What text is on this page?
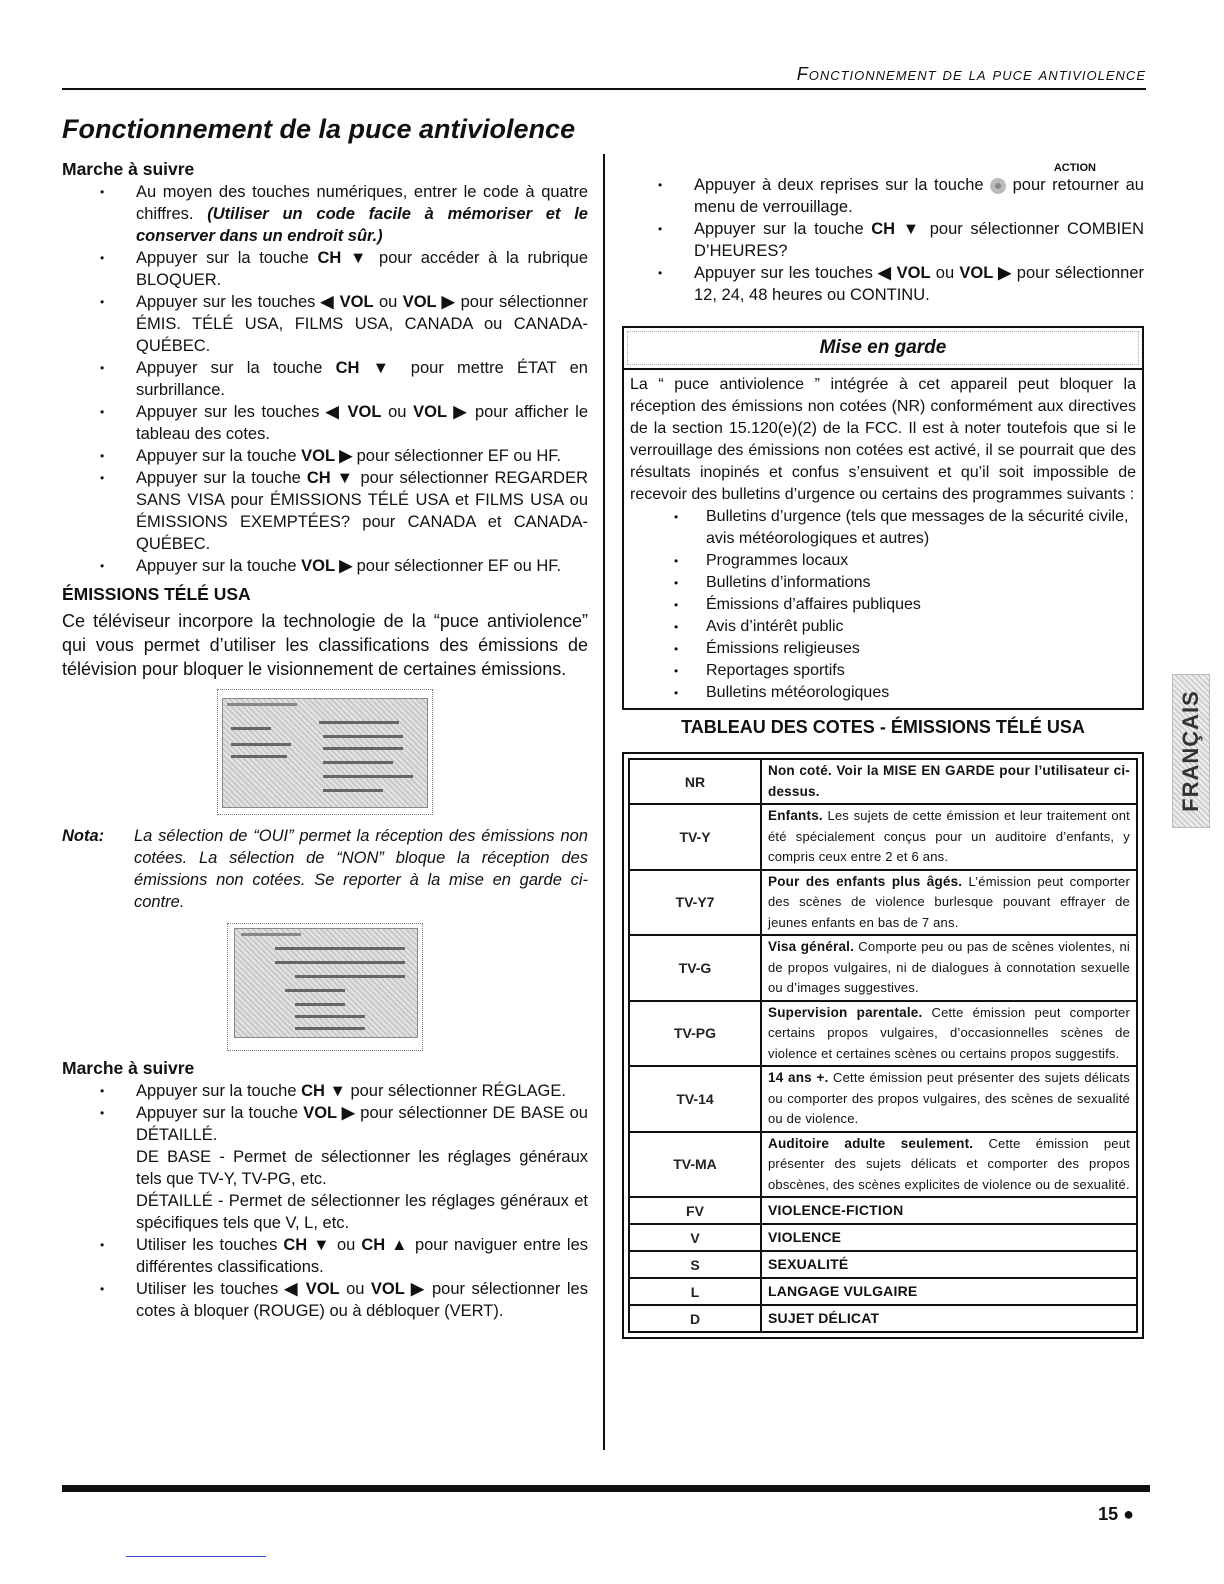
Fonctionnement de la puce antiviolence
Fonctionnement de la puce antiviolence
Marche à suivre
• Au moyen des touches numériques, entrer le code à quatre chiffres. (Utiliser un code facile à mémoriser et le conserver dans un endroit sûr.)
• Appuyer sur la touche CH ▼ pour accéder à la rubrique BLOQUER.
• Appuyer sur les touches ◀ VOL ou VOL ▶ pour sélectionner ÉMIS. TÉLÉ USA, FILMS USA, CANADA ou CANADA-QUÉBEC.
• Appuyer sur la touche CH ▼ pour mettre ÉTAT en surbrillance.
• Appuyer sur les touches ◀ VOL ou VOL ▶ pour afficher le tableau des cotes.
• Appuyer sur la touche VOL ▶ pour sélectionner EF ou HF.
• Appuyer sur la touche CH ▼ pour sélectionner REGARDER SANS VISA pour ÉMISSIONS TÉLÉ USA et FILMS USA ou ÉMISSIONS EXEMPTÉES? pour CANADA et CANADA-QUÉBEC.
• Appuyer sur la touche VOL ▶ pour sélectionner EF ou HF.
ÉMISSIONS TÉLÉ USA

Ce téléviseur incorpore la technologie de la “puce antiviolence” qui vous permet d’utiliser les classifications des émissions de télévision pour bloquer le visionnement de certaines émissions.

Nota:	La sélection de “OUI” permet la réception des émissions non cotées. La sélection de “NON” bloque la réception des émissions non cotées. Se reporter à la mise en garde ci-contre.
Marche à suivre
• Appuyer sur la touche CH ▼ pour sélectionner RÉGLAGE.
• Appuyer sur la touche VOL ▶ pour sélectionner DE BASE ou DÉTAILLÉ.
DE BASE - Permet de sélectionner les réglages généraux tels que TV-Y, TV-PG, etc.
DÉTAILLÉ - Permet de sélectionner les réglages généraux et spécifiques tels que V, L, etc.
• Utiliser les touches CH ▼ ou CH ▲ pour naviguer entre les différentes classifications.
• Utiliser les touches ◀ VOL ou VOL ▶ pour sélectionner les cotes à bloquer (ROUGE) ou à débloquer (VERT).
ACTION
• Appuyer à deux reprises sur la touche  pour retourner au menu de verrouillage.
• Appuyer sur la touche CH ▼ pour sélectionner COMBIEN D’HEURES?
• Appuyer sur les touches ◀ VOL ou VOL ▶ pour sélectionner 12, 24, 48 heures ou CONTINU.
Mise en garde

La “ puce antiviolence ” intégrée à cet appareil peut bloquer la réception des émissions non cotées (NR) conformément aux directives de la section 15.120(e)(2) de la FCC. Il est à noter toutefois que si le verrouillage des émissions non cotées est activé, il se pourrait que des résultats inopinés et confus s’ensuivent et qu’il soit impossible de recevoir des bulletins d’urgence ou certains des programmes suivants :

• Bulletins d’urgence (tels que messages de la sécurité civile, avis météorologiques et autres)
• Programmes locaux
• Bulletins d’informations
• Émissions d’affaires publiques
• Avis d’intérêt public
• Émissions religieuses
• Reportages sportifs
• Bulletins météorologiques
TABLEAU DES COTES - ÉMISSIONS TÉLÉ USA
NR	Non coté. Voir la MISE EN GARDE pour l’utilisateur ci-dessus.
TV-Y	Enfants. Les sujets de cette émission et leur traitement ont été spécialement conçus pour un auditoire d’enfants, y compris ceux entre 2 et 6 ans.
TV-Y7	Pour des enfants plus âgés. L’émission peut comporter des scènes de violence burlesque pouvant effrayer de jeunes enfants en bas de 7 ans.
TV-G	Visa général. Comporte peu ou pas de scènes violentes, ni de propos vulgaires, ni de dialogues à connotation sexuelle ou d’images suggestives.
TV-PG	Supervision parentale. Cette émission peut comporter certains propos vulgaires, d’occasionnelles scènes de violence et certaines scènes ou certains propos suggestifs.
TV-14	14 ans +. Cette émission peut présenter des sujets délicats ou comporter des propos vulgaires, des scènes de sexualité ou de violence.
TV-MA	Auditoire adulte seulement. Cette émission peut présenter des sujets délicats et comporter des propos obscènes, des scènes explicites de violence ou de sexualité.
FV	VIOLENCE-FICTION
V	VIOLENCE
S	SEXUALITÉ
L	LANGAGE VULGAIRE
D	SUJET DÉLICAT
FRANÇAIS
15 ●
